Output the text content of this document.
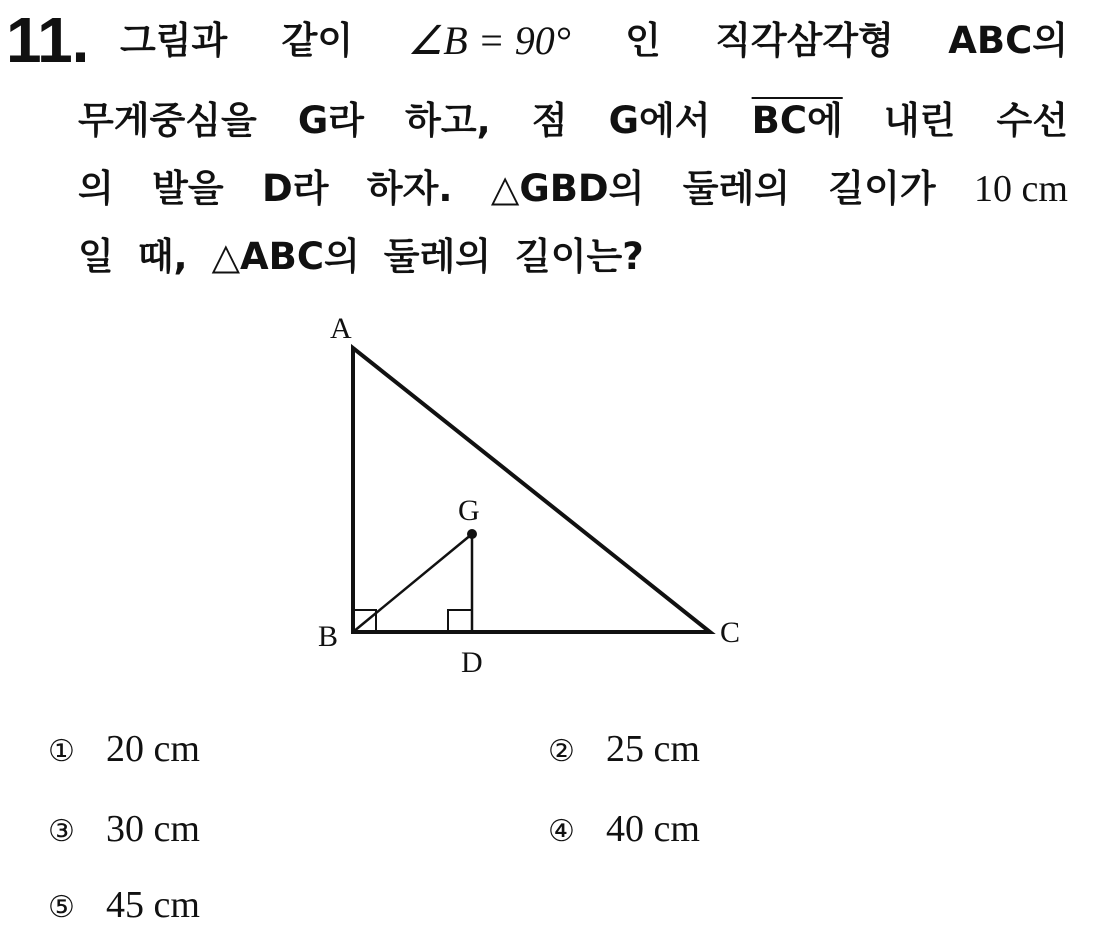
11. 그림과 같이 ∠B = 90° 인 직각삼각형 ABC의
무게중심을 G라 하고, 점 G에서 BC에 내린 수선
의 발을 D라 하자. △GBD의 둘레의 길이가 10 cm
일 때, △ABC의 둘레의 길이는?
A
B	C
D
G
① 20 cm	② 25 cm
③ 30 cm	④ 40 cm
⑤ 45 cm
